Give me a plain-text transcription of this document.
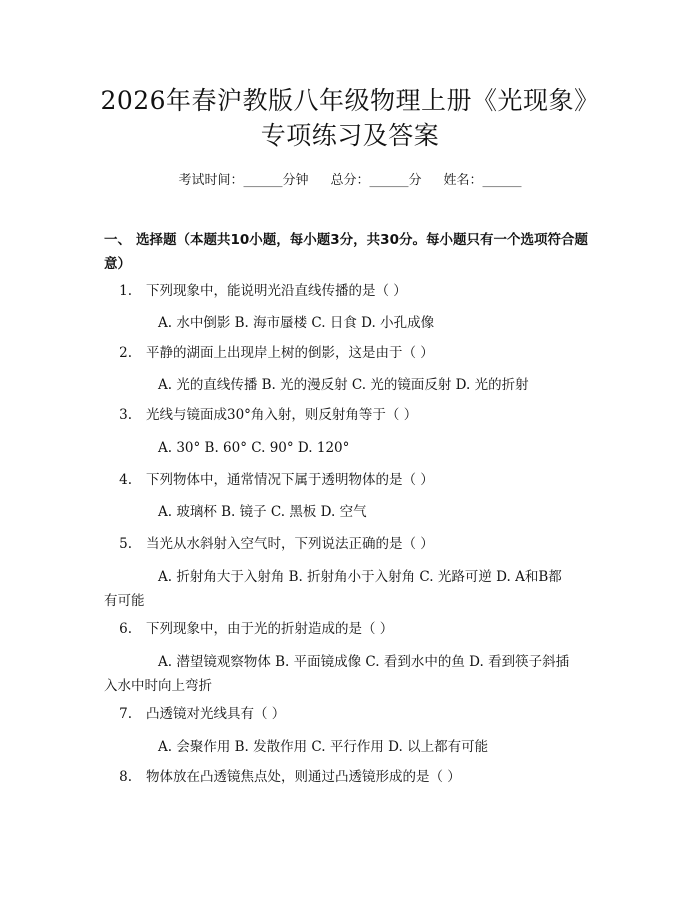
2026年春沪教版八年级物理上册《光现象》
专项练习及答案
考试时间：______分钟 总分：______分 姓名：______
一、 选择题（本题共10小题，每小题3分，共30分。每小题只有一个选项符合题意）
1. 下列现象中，能说明光沿直线传播的是（ ）
A. 水中倒影 B. 海市蜃楼 C. 日食 D. 小孔成像
2. 平静的湖面上出现岸上树的倒影，这是由于（ ）
A. 光的直线传播 B. 光的漫反射 C. 光的镜面反射 D. 光的折射
3. 光线与镜面成30°角入射，则反射角等于（ ）
A. 30° B. 60° C. 90° D. 120°
4. 下列物体中，通常情况下属于透明物体的是（ ）
A. 玻璃杯 B. 镜子 C. 黑板 D. 空气
5. 当光从水斜射入空气时，下列说法正确的是（ ）
A. 折射角大于入射角 B. 折射角小于入射角 C. 光路可逆 D. A和B都
有可能
6. 下列现象中，由于光的折射造成的是（ ）
A. 潜望镜观察物体 B. 平面镜成像 C. 看到水中的鱼 D. 看到筷子斜插
入水中时向上弯折
7. 凸透镜对光线具有（ ）
A. 会聚作用 B. 发散作用 C. 平行作用 D. 以上都有可能
8. 物体放在凸透镜焦点处，则通过凸透镜形成的是（ ）
